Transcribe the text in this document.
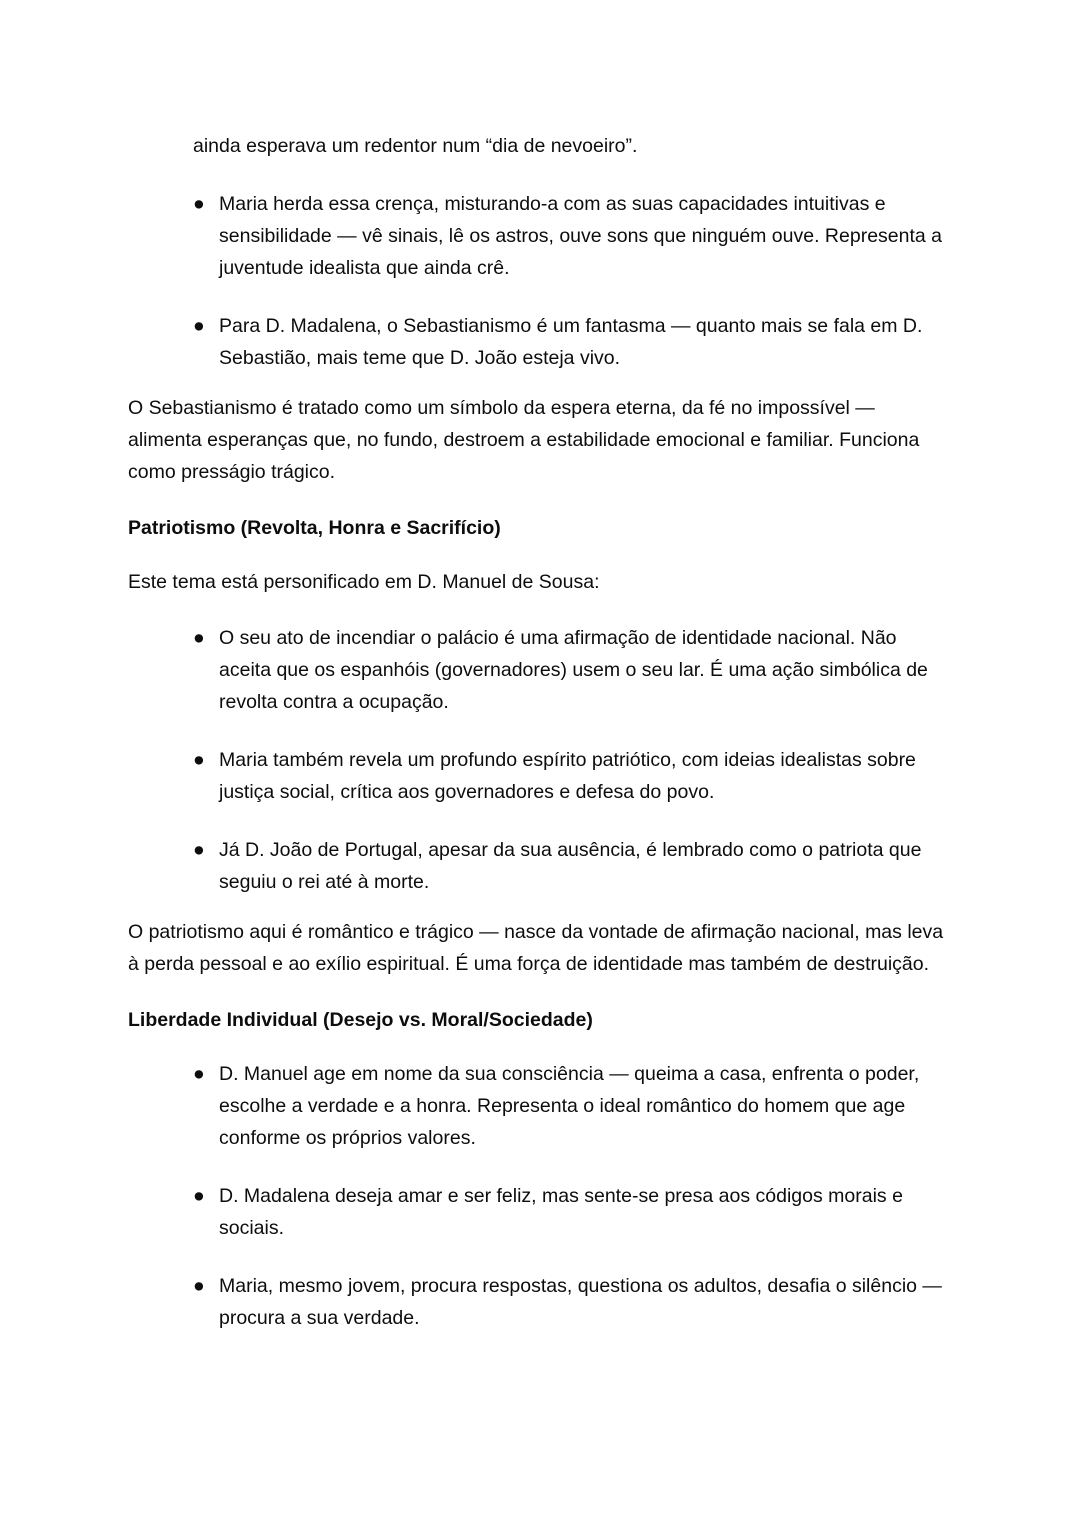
ainda esperava um redentor num “dia de nevoeiro”.

● Maria herda essa crença, misturando-a com as suas capacidades intuitivas e sensibilidade — vê sinais, lê os astros, ouve sons que ninguém ouve. Representa a juventude idealista que ainda crê.
● Para D. Madalena, o Sebastianismo é um fantasma — quanto mais se fala em D. Sebastião, mais teme que D. João esteja vivo.

O Sebastianismo é tratado como um símbolo da espera eterna, da fé no impossível — alimenta esperanças que, no fundo, destroem a estabilidade emocional e familiar. Funciona como presságio trágico.

Patriotismo (Revolta, Honra e Sacrifício)

Este tema está personificado em D. Manuel de Sousa:

● O seu ato de incendiar o palácio é uma afirmação de identidade nacional. Não aceita que os espanhóis (governadores) usem o seu lar. É uma ação simbólica de revolta contra a ocupação.
● Maria também revela um profundo espírito patriótico, com ideias idealistas sobre justiça social, crítica aos governadores e defesa do povo.
● Já D. João de Portugal, apesar da sua ausência, é lembrado como o patriota que seguiu o rei até à morte.

O patriotismo aqui é romântico e trágico — nasce da vontade de afirmação nacional, mas leva à perda pessoal e ao exílio espiritual. É uma força de identidade mas também de destruição.

Liberdade Individual (Desejo vs. Moral/Sociedade)
● D. Manuel age em nome da sua consciência — queima a casa, enfrenta o poder, escolhe a verdade e a honra. Representa o ideal romântico do homem que age conforme os próprios valores.
● D. Madalena deseja amar e ser feliz, mas sente-se presa aos códigos morais e sociais.
● Maria, mesmo jovem, procura respostas, questiona os adultos, desafia o silêncio — procura a sua verdade.
